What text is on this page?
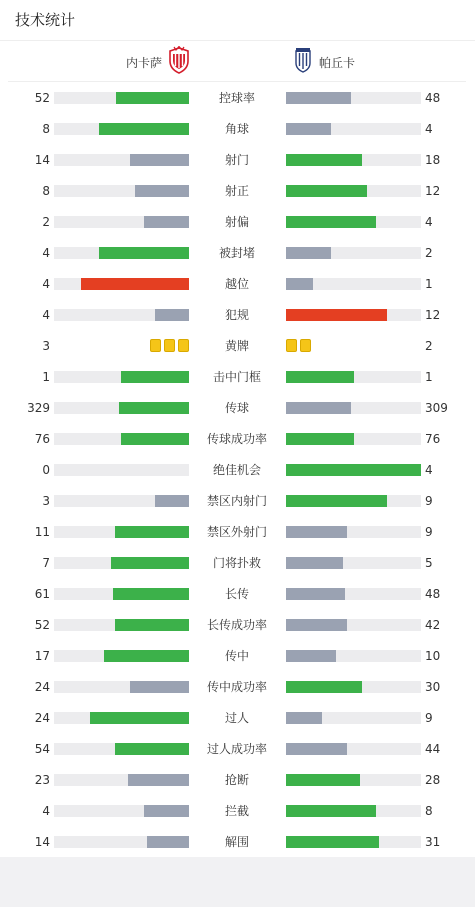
技术统计
内卡萨	帕丘卡
52	控球率	48
8	角球	4
14	射门	18
8	射正	12
2	射偏	4
4	被封堵	2
4	越位	1
4	犯规	12
3	黄牌	2
1	击中门框	1
329	传球	309
76	传球成功率	76
0	绝佳机会	4
3	禁区内射门	9
11	禁区外射门	9
7	门将扑救	5
61	长传	48
52	长传成功率	42
17	传中	10
24	传中成功率	30
24	过人	9
54	过人成功率	44
23	抢断	28
4	拦截	8
14	解围	31
